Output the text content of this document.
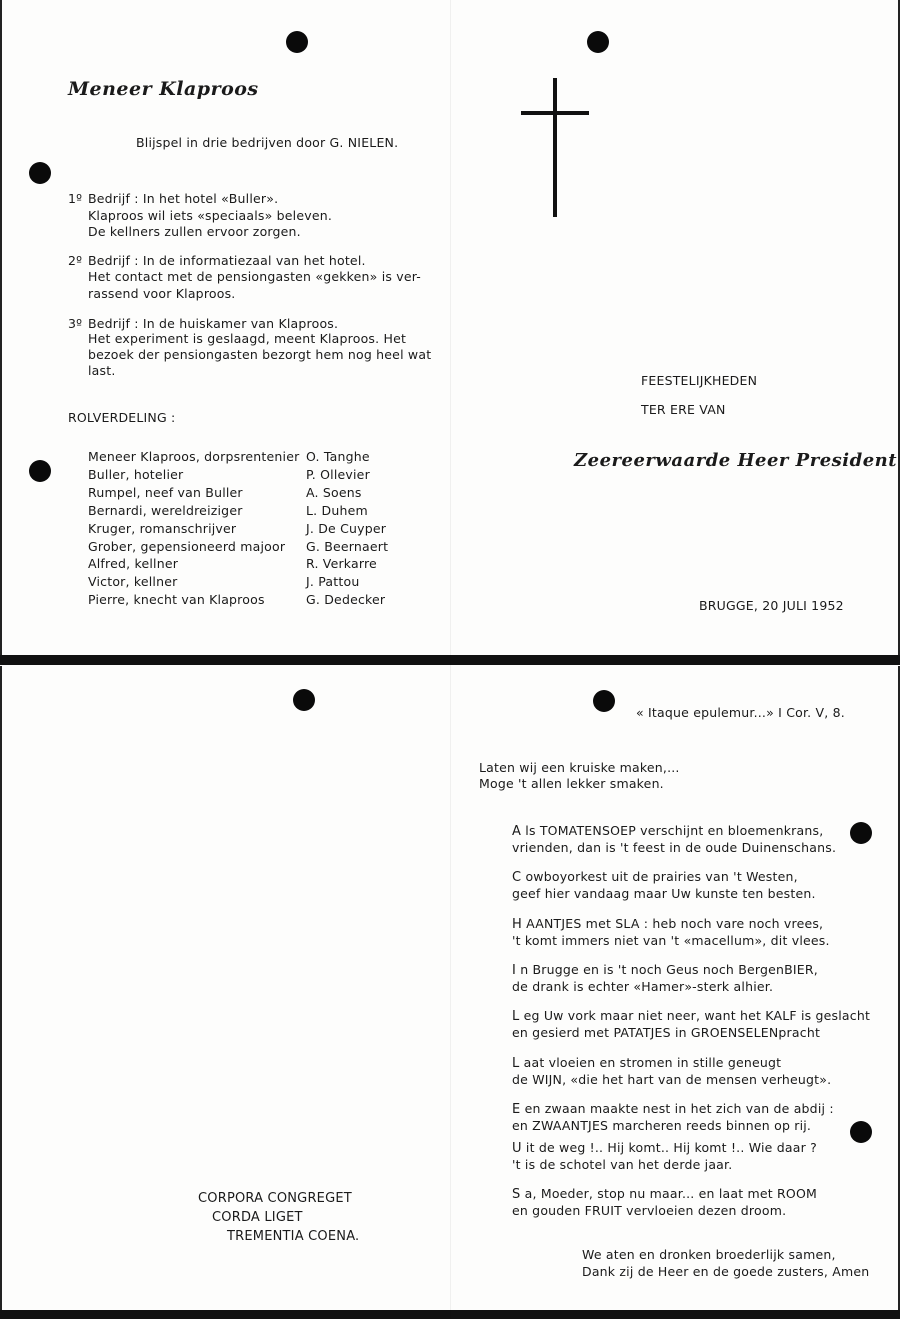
Meneer Klaproos
Blijspel in drie bedrijven door G. NIELEN.
1º Bedrijf : In het hotel «Buller».
Klaproos wil iets «speciaals» beleven.
De kellners zullen ervoor zorgen.
2º Bedrijf : In de informatiezaal van het hotel.
Het contact met de pensiongasten «gekken» is ver-
rassend voor Klaproos.
3º Bedrijf : In de huiskamer van Klaproos.
Het experiment is geslaagd, meent Klaproos. Het
bezoek der pensiongasten bezorgt hem nog heel wat
last.
ROLVERDELING :
Meneer Klaproos, dorpsrentenier O. Tanghe
Buller, hotelier	P. Ollevier
Rumpel, neef van Buller	A. Soens
Bernardi, wereldreiziger	L. Duhem
Kruger, romanschrijver	J. De Cuyper
Grober, gepensioneerd majoor G. Beernaert
Alfred, kellner	R. Verkarre
Victor, kellner	J. Pattou
Pierre, knecht van Klaproos	G. Dedecker
FEESTELIJKHEDEN
TER ERE VAN
Zeereerwaarde Heer President
BRUGGE, 20 JULI 1952
CORPORA CONGREGET
CORDA LIGET
TREMENTIA COENA.
« Itaque epulemur...» I Cor. V, 8.
Laten wij een kruiske maken,...
Moge 't allen lekker smaken.
A ls TOMATENSOEP verschijnt en bloemenkrans,
vrienden, dan is 't feest in de oude Duinenschans.
C owboyorkest uit de prairies van 't Westen,
geef hier vandaag maar Uw kunste ten besten.
H AANTJES met SLA : heb noch vare noch vrees,
't komt immers niet van 't «macellum», dit vlees.
I n Brugge en is 't noch Geus noch BergenBIER,
de drank is echter «Hamer»-sterk alhier.
L eg Uw vork maar niet neer, want het KALF is geslacht
en gesierd met PATATJES in GROENSELENpracht
L aat vloeien en stromen in stille geneugt
de WIJN, «die het hart van de mensen verheugt».
E en zwaan maakte nest in het zich van de abdij :
en ZWAANTJES marcheren reeds binnen op rij.
U it de weg !.. Hij komt.. Hij komt !.. Wie daar ?
't is de schotel van het derde jaar.
S a, Moeder, stop nu maar... en laat met ROOM
en gouden FRUIT vervloeien dezen droom.
We aten en dronken broederlijk samen,
Dank zij de Heer en de goede zusters, Amen
